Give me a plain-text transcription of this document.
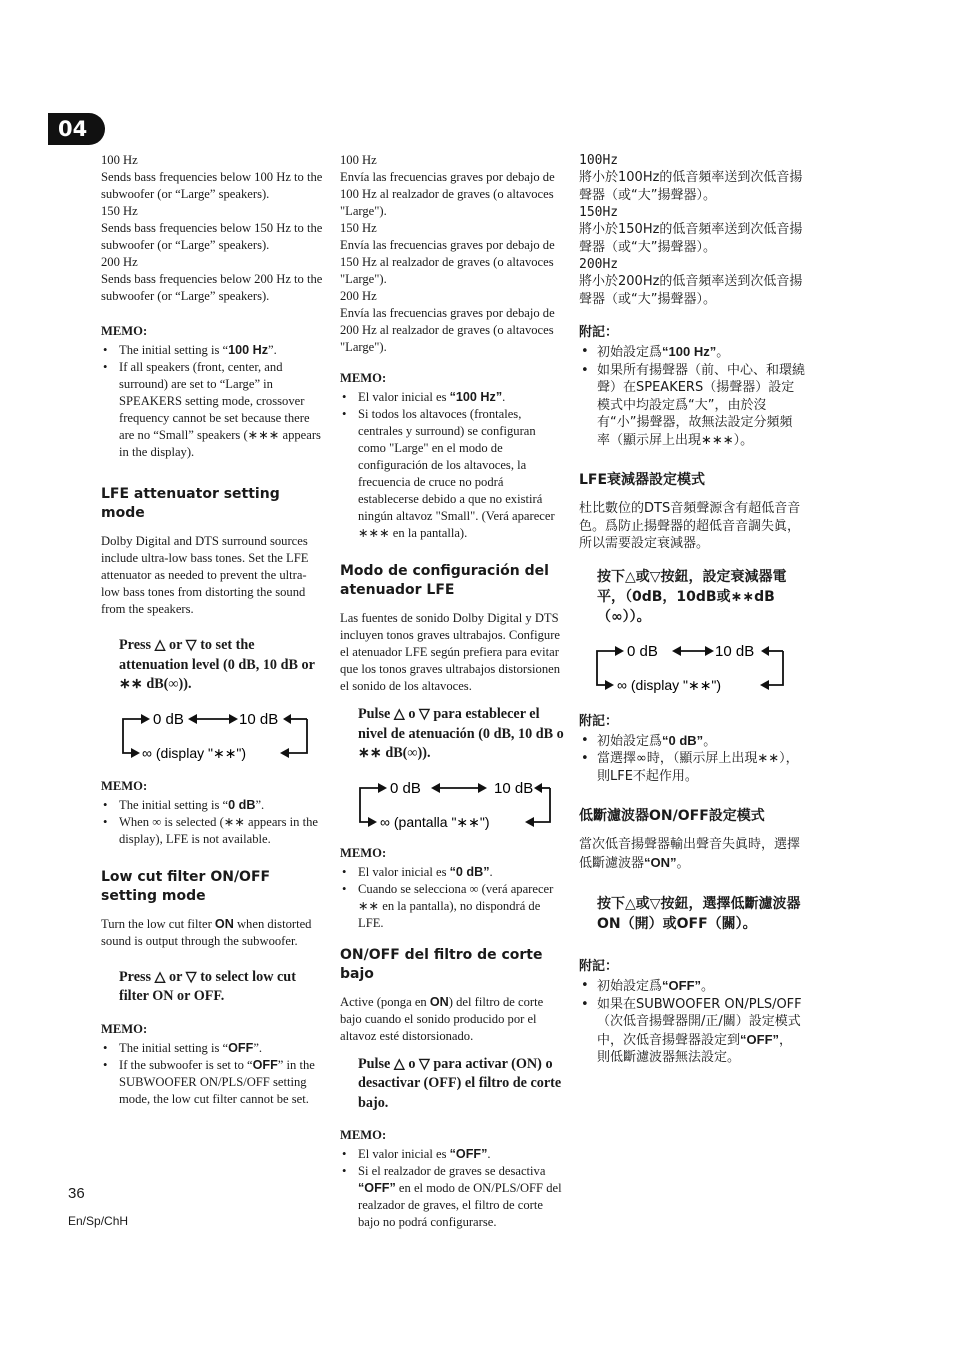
04
100 Hz

Sends bass frequencies below 100 Hz to the subwoofer (or “Large” speakers).

150 Hz

Sends bass frequencies below 150 Hz to the subwoofer (or “Large” speakers).

200 Hz

Sends bass frequencies below 200 Hz to the subwoofer (or “Large” speakers).

MEMO:
• The initial setting is “100 Hz”.
• If all speakers (front, center, and surround) are set to “Large” in SPEAKERS setting mode, crossover frequency cannot be set because there are no “Small” speakers (∗∗∗ appears in the display).
LFE attenuator setting mode

Dolby Digital and DTS surround sources include ultra-low bass tones. Set the LFE attenuator as needed to prevent the ultra-low bass tones from distorting the sound from the speakers.

Press △ or ▽ to set the attenuation level (0 dB, 10 dB or ∗∗ dB(∞)).
0 dB	10 dB
∞ (display "∗∗")
MEMO:
• The initial setting is “0 dB”.
• When ∞ is selected (∗∗ appears in the display), LFE is not available.
Low cut filter ON/OFF setting mode

Turn the low cut filter ON when distorted sound is output through the subwoofer.

Press △ or ▽ to select low cut filter ON or OFF.
MEMO:
• The initial setting is “OFF”.
• If the subwoofer is set to “OFF” in the SUBWOOFER ON/PLS/OFF setting mode, the low cut filter cannot be set.
100 Hz

Envía las frecuencias graves por debajo de 100 Hz al realzador de graves (o altavoces "Large").

150 Hz

Envía las frecuencias graves por debajo de 150 Hz al realzador de graves (o altavoces "Large").

200 Hz

Envía las frecuencias graves por debajo de 200 Hz al realzador de graves (o altavoces "Large").

MEMO:
• El valor inicial es “100 Hz”.
• Si todos los altavoces (frontales, centrales y surround) se configuran como "Large" en el modo de configuración de los altavoces, la frecuencia de cruce no podrá establecerse debido a que no existirá ningún altavoz "Small". (Verá aparecer ∗∗∗ en la pantalla).
Modo de configuración del atenuador LFE

Las fuentes de sonido Dolby Digital y DTS incluyen tonos graves ultrabajos. Configure el atenuador LFE según prefiera para evitar que los tonos graves ultrabajos distorsionen el sonido de los altavoces.

Pulse △ o ▽ para establecer el nivel de atenuación (0 dB, 10 dB o ∗∗ dB(∞)).
0 dB	10 dB
∞ (pantalla "∗∗")
MEMO:
• El valor inicial es “0 dB”.
• Cuando se selecciona ∞ (verá aparecer ∗∗ en la pantalla), no dispondrá de LFE.
ON/OFF del filtro de corte bajo

Active (ponga en ON) del filtro de corte bajo cuando el sonido producido por el altavoz esté distorsionado.

Pulse △ o ▽ para activar (ON) o desactivar (OFF) el filtro de corte bajo.
MEMO:
• El valor inicial es “OFF”.
• Si el realzador de graves se desactiva “OFF” en el modo de ON/PLS/OFF del realzador de graves, el filtro de corte bajo no podrá configurarse.
100Hz

將小於100Hz的低音頻率送到次低音揚聲器（或“大”揚聲器）。

150Hz

將小於150Hz的低音頻率送到次低音揚聲器（或“大”揚聲器）。

200Hz

將小於200Hz的低音頻率送到次低音揚聲器（或“大”揚聲器）。

附記：
• 初始設定爲“100 Hz”。
• 如果所有揚聲器（前、中心、和環繞聲）在SPEAKERS（揚聲器）設定模式中均設定爲“大”，由於沒有“小”揚聲器，故無法設定分頻頻率（顯示屏上出現∗∗∗）。
LFE衰減器設定模式

杜比數位的DTS音頻聲源含有超低音音色。爲防止揚聲器的超低音音調失眞，所以需要設定衰減器。

按下△或▽按鈕，設定衰減器電平，（0dB，10dB或∗∗dB（∞））。
0 dB	10 dB
∞ (display "∗∗")
附記：
• 初始設定爲“0 dB”。
• 當選擇∞時，（顯示屏上出現∗∗），則LFE不起作用。
低斷濾波器ON/OFF設定模式

當次低音揚聲器輸出聲音失眞時，選擇低斷濾波器“ON”。

按下△或▽按鈕，選擇低斷濾波器ON（開）或OFF（關）。
附記：
• 初始設定爲“OFF”。
• 如果在SUBWOOFER ON/PLS/OFF（次低音揚聲器開/正/關）設定模式中，次低音揚聲器設定到“OFF”，則低斷濾波器無法設定。
36
En/Sp/ChH
